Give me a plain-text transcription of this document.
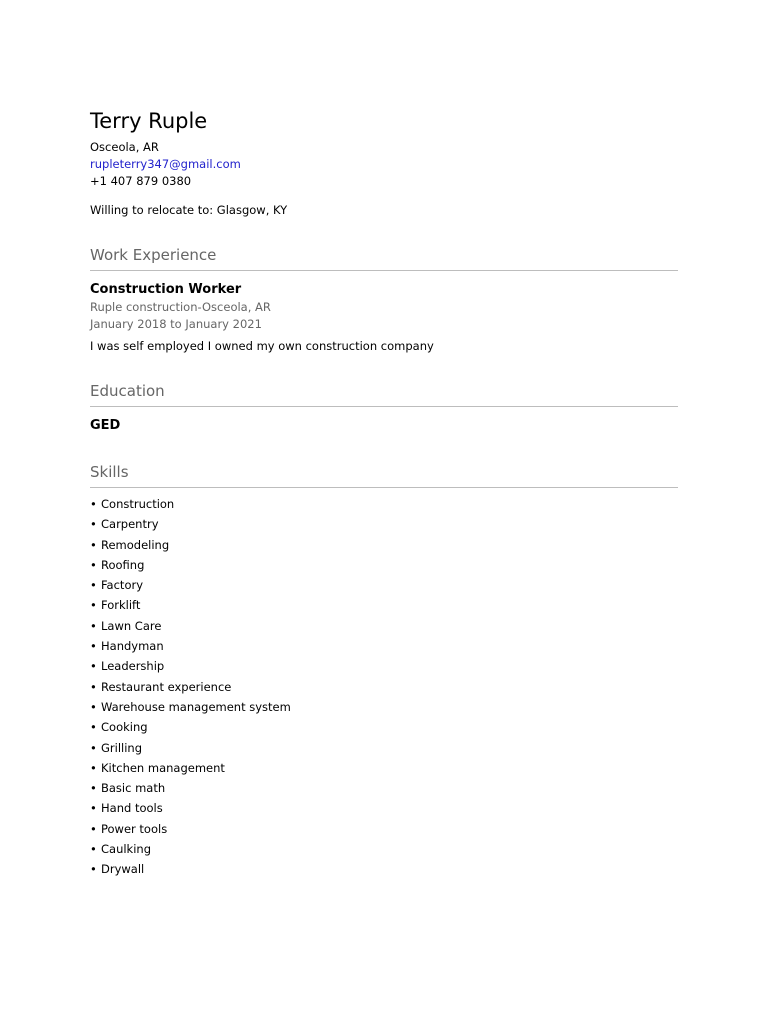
Terry Ruple
Osceola, AR
rupleterry347@gmail.com
+1 407 879 0380
Willing to relocate to: Glasgow, KY
Work Experience
Construction Worker
Ruple construction-Osceola, AR
January 2018 to January 2021
I was self employed I owned my own construction company
Education
GED
Skills
• Construction
• Carpentry
• Remodeling
• Roofing
• Factory
• Forklift
• Lawn Care
• Handyman
• Leadership
• Restaurant experience
• Warehouse management system
• Cooking
• Grilling
• Kitchen management
• Basic math
• Hand tools
• Power tools
• Caulking
• Drywall
